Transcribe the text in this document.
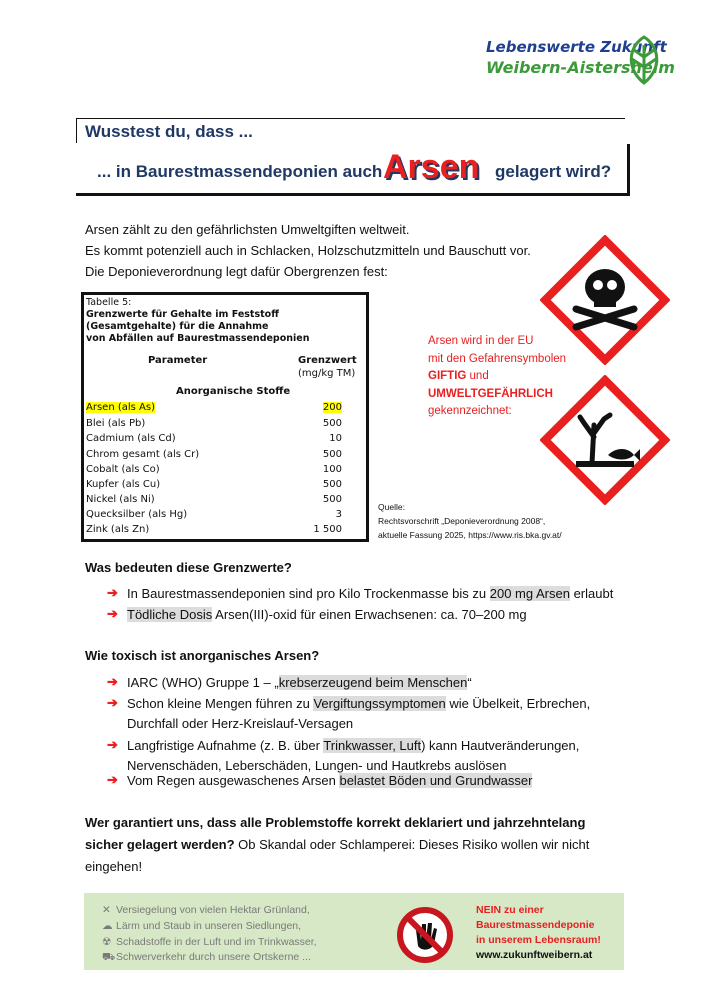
Lebenswerte Zukunft
Weibern-Aistersheim
Wusstest du, dass ...
... in Baurestmassendeponien auch Arsen gelagert wird?
Arsen zählt zu den gefährlichsten Umweltgiften weltweit.
Es kommt potenziell auch in Schlacken, Holzschutzmitteln und Bauschutt vor.
Die Deponieverordnung legt dafür Obergrenzen fest:
Tabelle 5:
Grenzwerte für Gehalte im Feststoff
(Gesamtgehalte) für die Annahme
von Abfällen auf Baurestmassendeponien
Parameter	Grenzwert
(mg/kg TM)
Anorganische Stoffe
Arsen (als As)	200
Blei (als Pb)	500
Cadmium (als Cd)	10
Chrom gesamt (als Cr)	500
Cobalt (als Co)	100
Kupfer (als Cu)	500
Nickel (als Ni)	500
Quecksilber (als Hg)	3
Zink (als Zn)	1 500
Arsen wird in der EU
mit den Gefahrensymbolen
GIFTIG und
UMWELTGEFÄHRLICH
gekennzeichnet:
Quelle:
Rechtsvorschrift „Deponieverordnung 2008“,
aktuelle Fassung 2025, https://www.ris.bka.gv.at/
Was bedeuten diese Grenzwerte?
➔ In Baurestmassendeponien sind pro Kilo Trockenmasse bis zu 200 mg Arsen erlaubt
➔ Tödliche Dosis Arsen(III)-oxid für einen Erwachsenen: ca. 70–200 mg
Wie toxisch ist anorganisches Arsen?
➔ IARC (WHO) Gruppe 1 – „krebserzeugend beim Menschen“
➔ Schon kleine Mengen führen zu Vergiftungssymptomen wie Übelkeit, Erbrechen,
Durchfall oder Herz-Kreislauf-Versagen
➔ Langfristige Aufnahme (z. B. über Trinkwasser, Luft) kann Hautveränderungen,
Nervenschäden, Leberschäden, Lungen- und Hautkrebs auslösen
➔ Vom Regen ausgewaschenes Arsen belastet Böden und Grundwasser
Wer garantiert uns, dass alle Problemstoffe korrekt deklariert und jahrzehntelang sicher gelagert werden? Ob Skandal oder Schlamperei: Dieses Risiko wollen wir nicht eingehen!
✕ Versiegelung von vielen Hektar Grünland,
☁ Lärm und Staub in unseren Siedlungen,
☢ Schadstoffe in der Luft und im Trinkwasser,
⛟Schwerverkehr durch unsere Ortskerne ...
NEIN zu einer
Baurestmassendeponie
in unserem Lebensraum!
www.zukunftweibern.at
